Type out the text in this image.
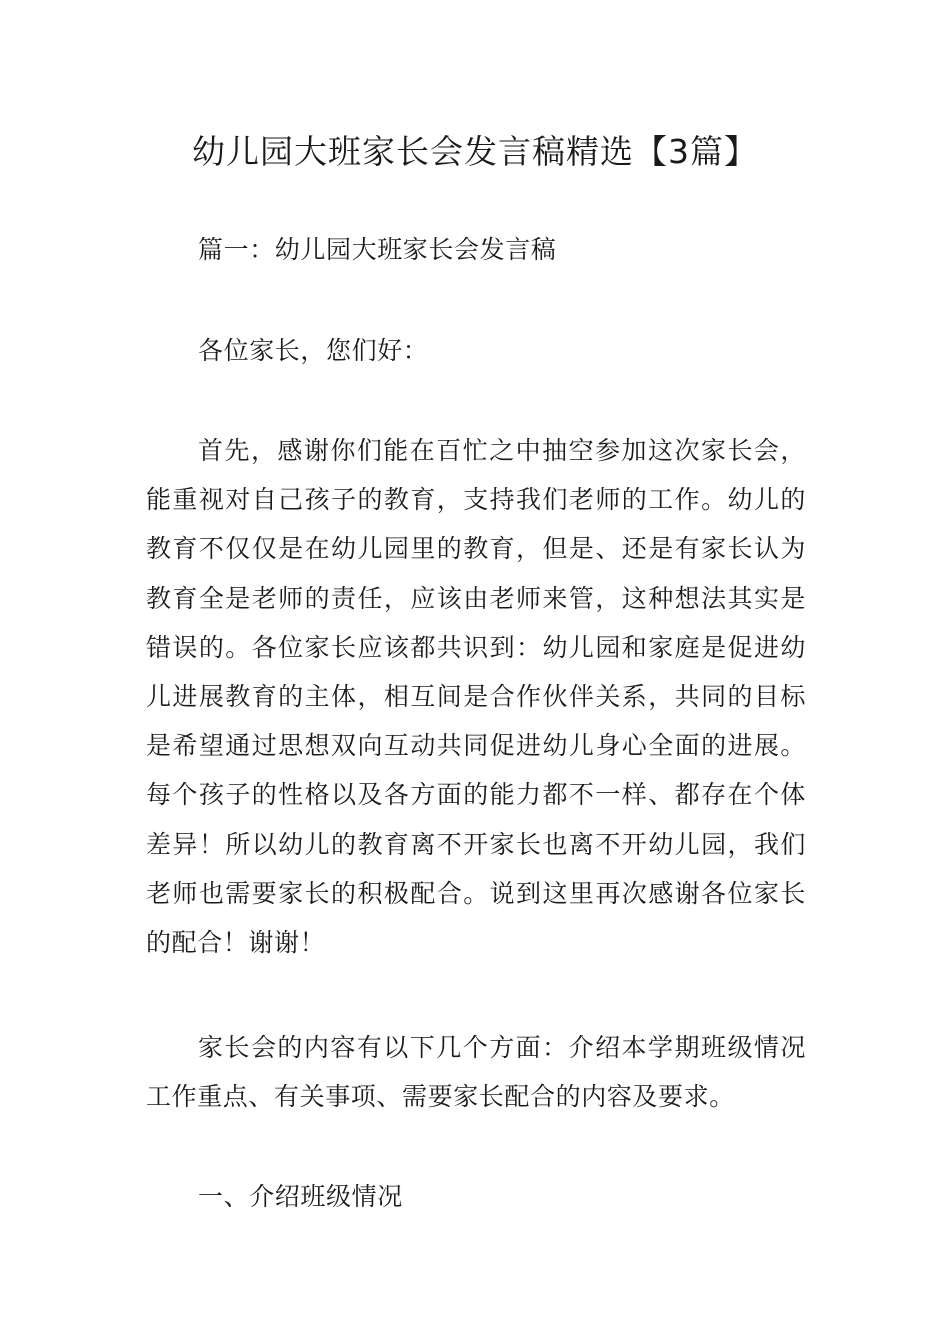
幼儿园大班家长会发言稿精选【3篇】

篇一：幼儿园大班家长会发言稿

各位家长，您们好：

首先，感谢你们能在百忙之中抽空参加这次家长会，能重视对自己孩子的教育，支持我们老师的工作。幼儿的教育不仅仅是在幼儿园里的教育，但是、还是有家长认为教育全是老师的责任，应该由老师来管，这种想法其实是错误的。各位家长应该都共识到：幼儿园和家庭是促进幼儿进展教育的主体，相互间是合作伙伴关系，共同的目标是希望通过思想双向互动共同促进幼儿身心全面的进展。每个孩子的性格以及各方面的能力都不一样、都存在个体差异！所以幼儿的教育离不开家长也离不开幼儿园，我们老师也需要家长的积极配合。说到这里再次感谢各位家长的配合！谢谢！

家长会的内容有以下几个方面：介绍本学期班级情况工作重点、有关事项、需要家长配合的内容及要求。

一、介绍班级情况
